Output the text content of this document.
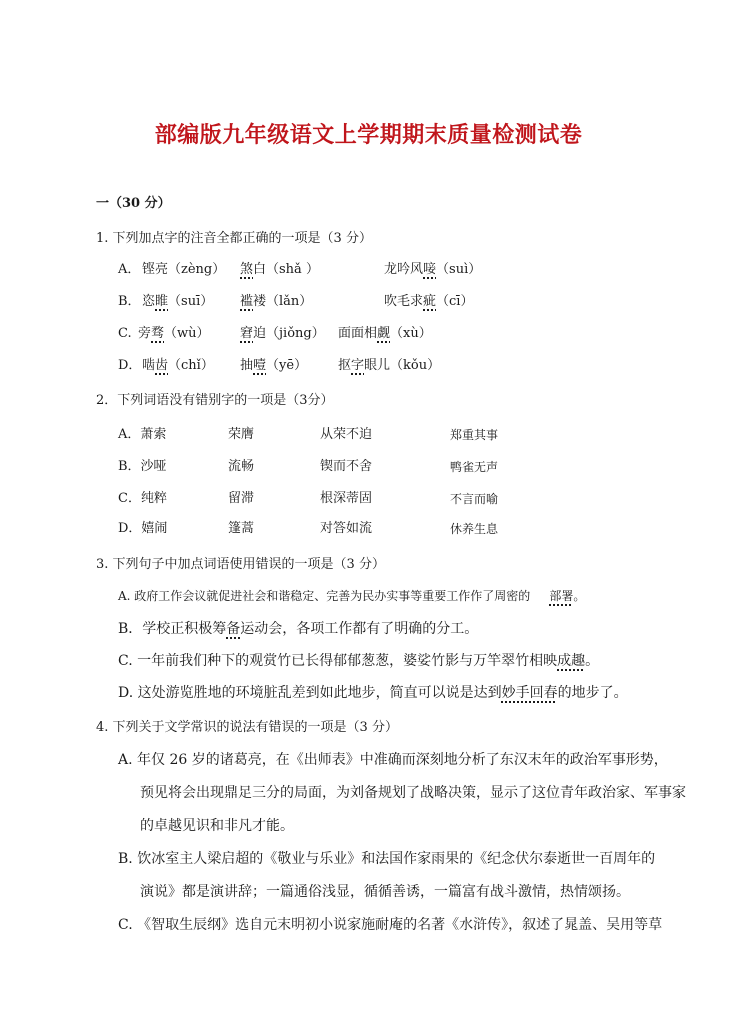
部编版九年级语文上学期期末质量检测试卷
一（30 分）
1. 下列加点字的注音全都正确的一项是（3 分）
A． 铿亮（zèng） 煞白（shǎ ）	龙吟风唼（suì）
B． 恣睢（suī） 褴褛（lǎn）	吹毛求疵（cī）
C. 旁骛（wù） 窘迫（jiǒng） 面面相觑（xù）
D． 啮齿（chǐ） 抽噎（yē） 抠字眼儿（kǒu）
2．下列词语没有错别字的一项是（3分）
A．萧索	荣膺	从荣不迫	郑重其事
B．沙哑	流畅	锲而不舍	鸭雀无声
C．纯粹	留滞	根深蒂固	不言而喻
D．嬉闹	篷蒿	对答如流	休养生息
3. 下列句子中加点词语使用错误的一项是（3 分）
A. 政府工作会议就促进社会和谐稳定、完善为民办实事等重要工作作了周密的 部署。
B．学校正积极筹备运动会，各项工作都有了明确的分工。
C. 一年前我们种下的观赏竹已长得郁郁葱葱，婆娑竹影与万竿翠竹相映成趣。
D. 这处游览胜地的环境脏乱差到如此地步，简直可以说是达到妙手回春的地步了。
4. 下列关于文学常识的说法有错误的一项是（3 分）
A. 年仅 26 岁的诸葛亮，在《出师表》中准确而深刻地分析了东汉末年的政治军事形势，
预见将会出现鼎足三分的局面，为刘备规划了战略决策，显示了这位青年政治家、军事家
的卓越见识和非凡才能。
B. 饮冰室主人梁启超的《敬业与乐业》和法国作家雨果的《纪念伏尔泰逝世一百周年的
演说》都是演讲辞；一篇通俗浅显，循循善诱，一篇富有战斗激情，热情颂扬。
C. 《智取生辰纲》选自元末明初小说家施耐庵的名著《水浒传》，叙述了晁盖、吴用等草
